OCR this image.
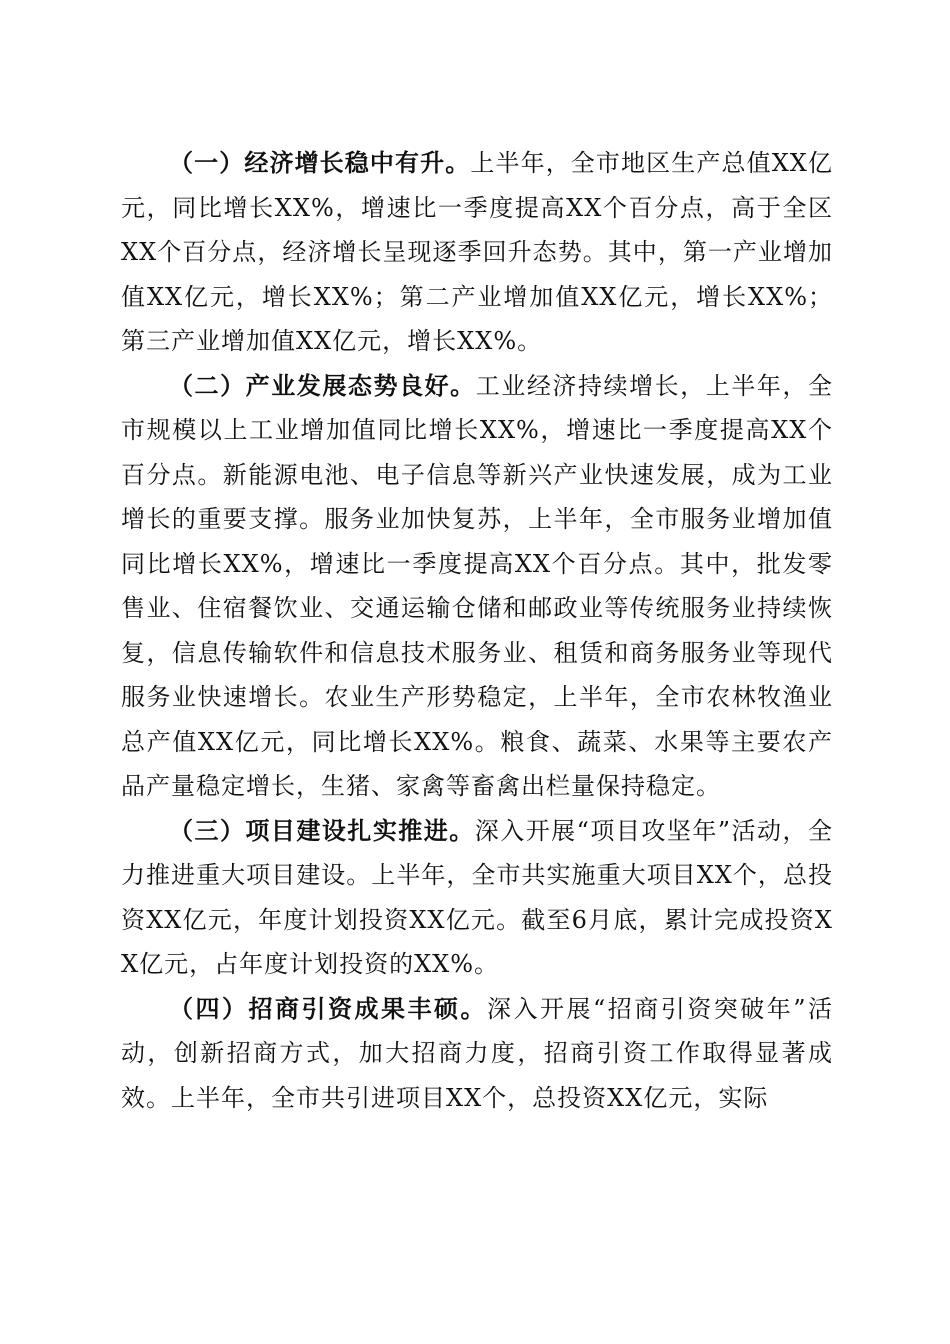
（一）经济增长稳中有升。上半年，全市地区生产总值XX亿元，同比增长XX%，增速比一季度提高XX个百分点，高于全区XX个百分点，经济增长呈现逐季回升态势。其中，第一产业增加值XX亿元，增长XX%；第二产业增加值XX亿元，增长XX%；第三产业增加值XX亿元，增长XX%。

（二）产业发展态势良好。工业经济持续增长，上半年，全市规模以上工业增加值同比增长XX%，增速比一季度提高XX个百分点。新能源电池、电子信息等新兴产业快速发展，成为工业增长的重要支撑。服务业加快复苏，上半年，全市服务业增加值同比增长XX%，增速比一季度提高XX个百分点。其中，批发零售业、住宿餐饮业、交通运输仓储和邮政业等传统服务业持续恢复，信息传输软件和信息技术服务业、租赁和商务服务业等现代服务业快速增长。农业生产形势稳定，上半年，全市农林牧渔业总产值XX亿元，同比增长XX%。粮食、蔬菜、水果等主要农产品产量稳定增长，生猪、家禽等畜禽出栏量保持稳定。

（三）项目建设扎实推进。深入开展“项目攻坚年”活动，全力推进重大项目建设。上半年，全市共实施重大项目XX个，总投资XX亿元，年度计划投资XX亿元。截至6月底，累计完成投资XX亿元，占年度计划投资的XX%。

（四）招商引资成果丰硕。深入开展“招商引资突破年”活动，创新招商方式，加大招商力度，招商引资工作取得显著成效。上半年，全市共引进项目XX个，总投资XX亿元，实际
